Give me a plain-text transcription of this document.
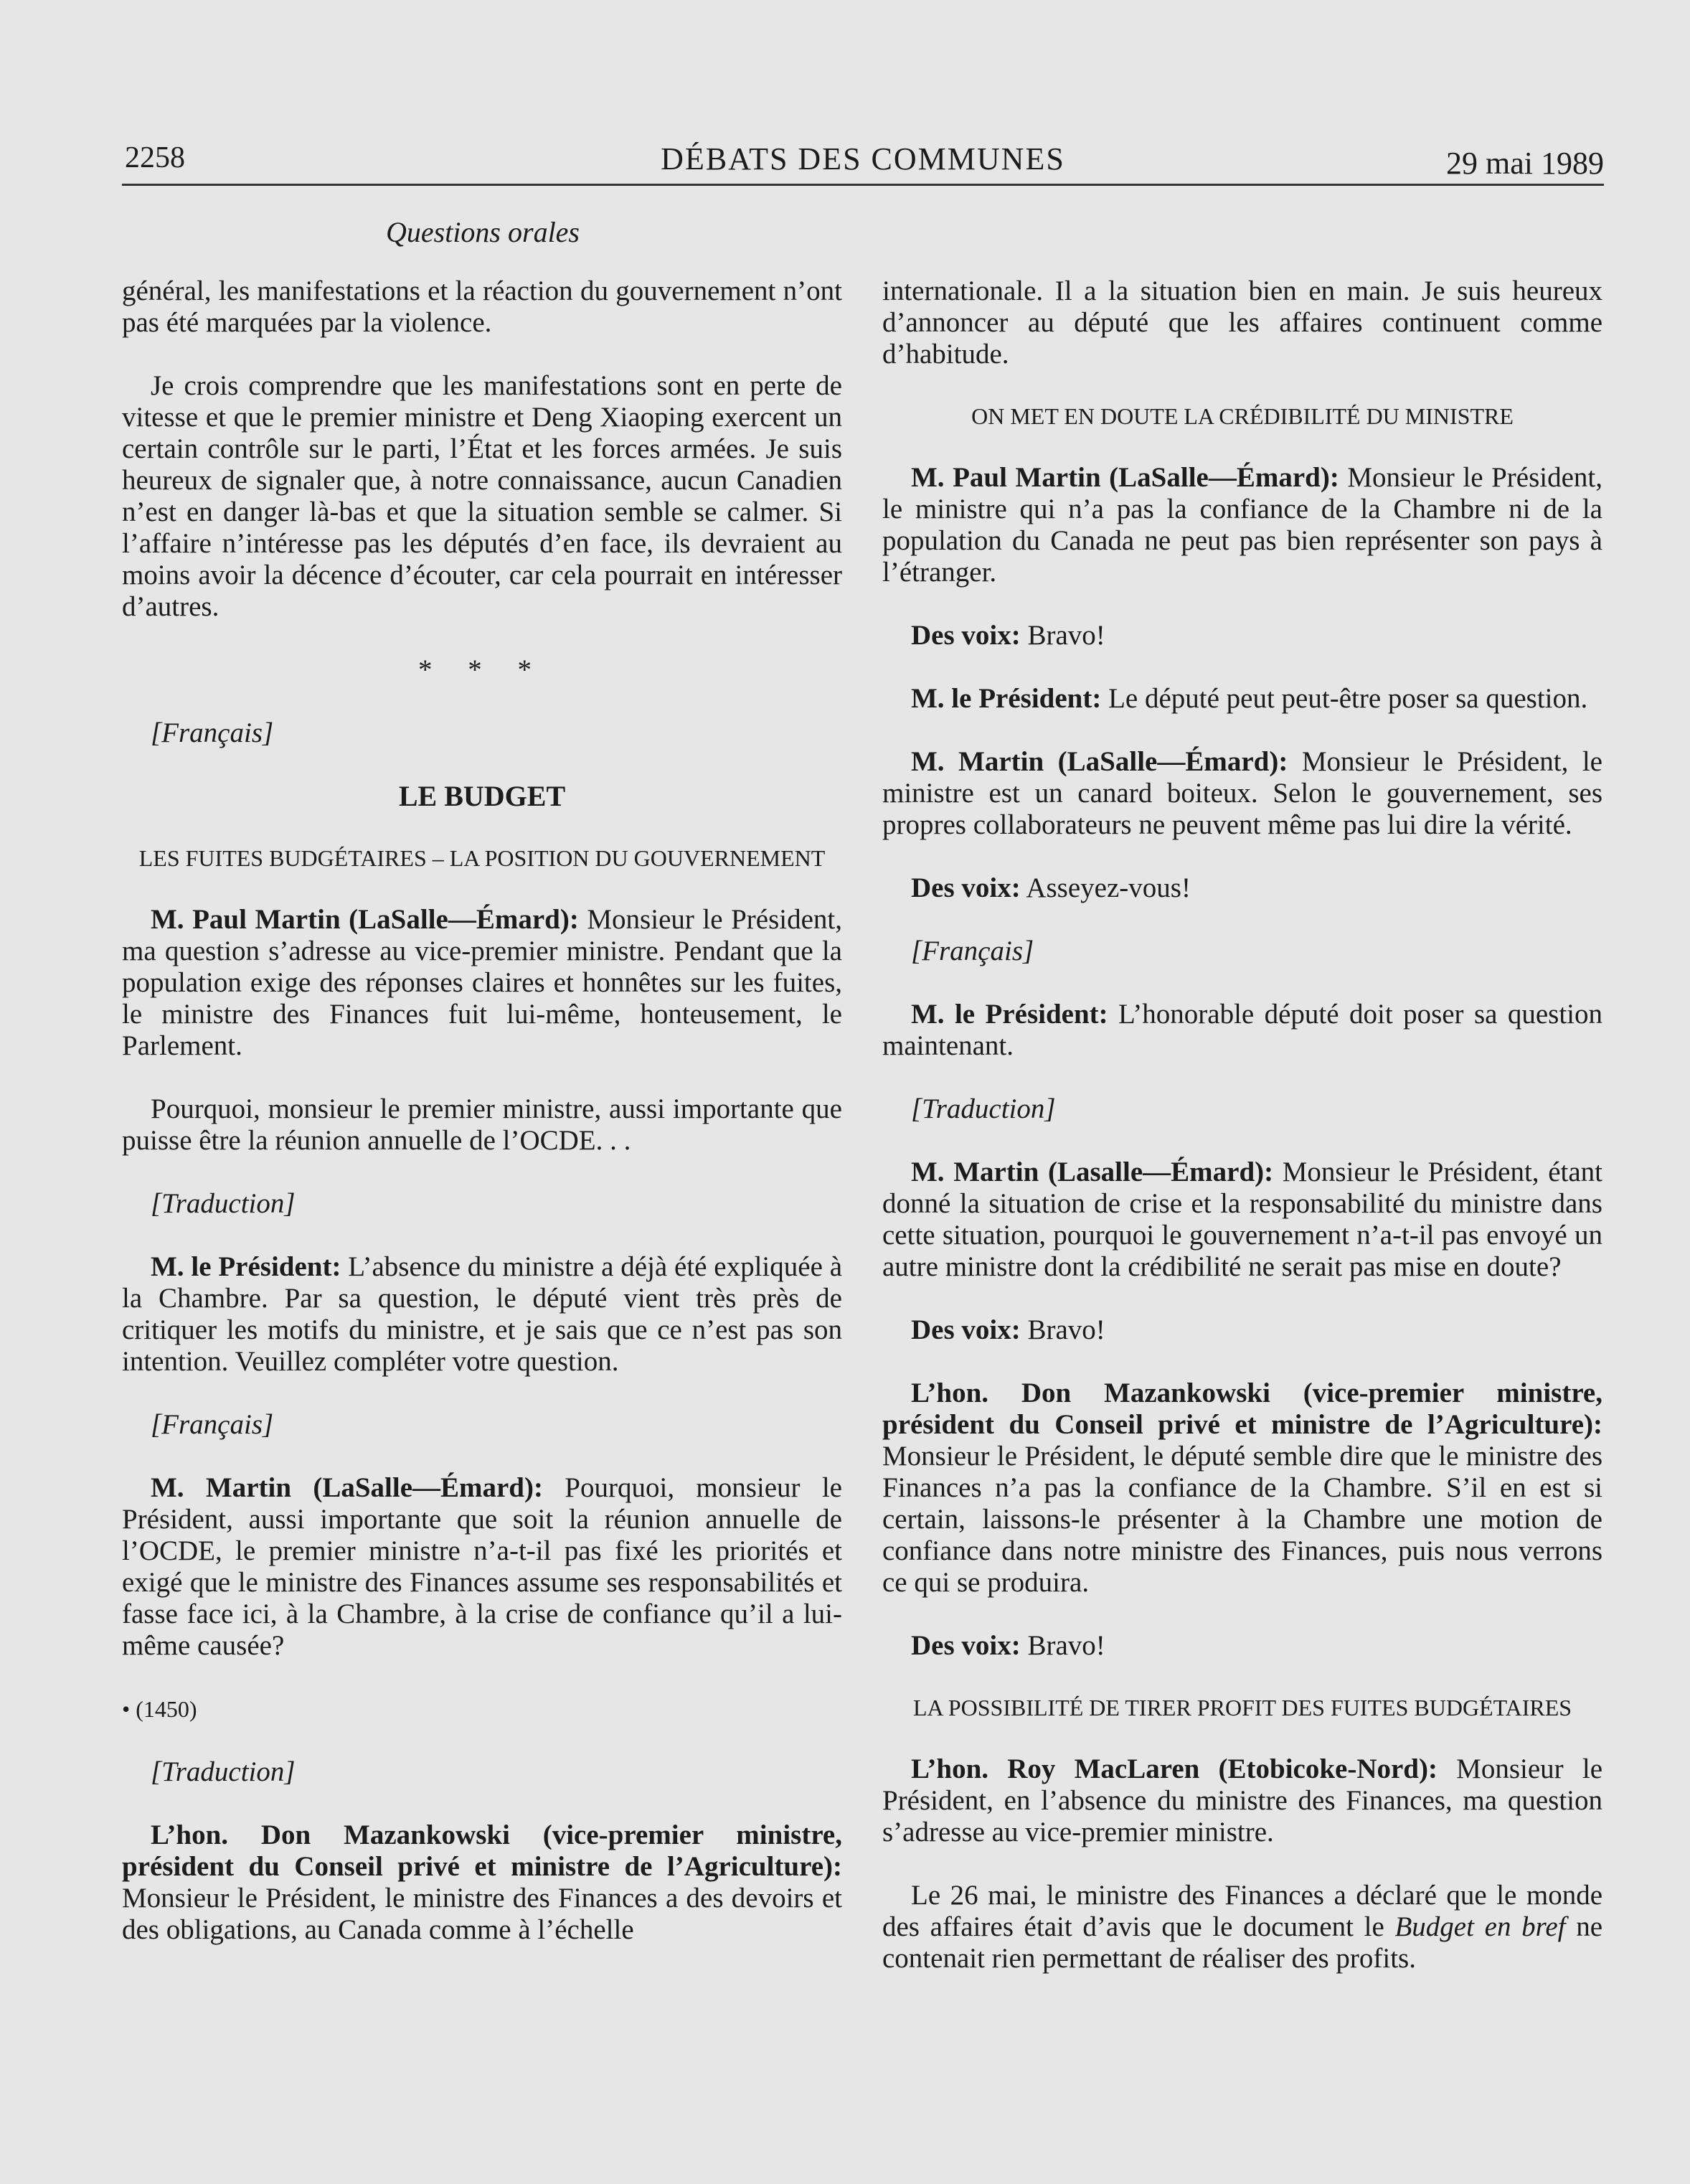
2258	DÉBATS DES COMMUNES	29 mai 1989
Questions orales

général, les manifestations et la réaction du gouvernement n’ont pas été marquées par la violence.

Je crois comprendre que les manifestations sont en perte de vitesse et que le premier ministre et Deng Xiaoping exercent un certain contrôle sur le parti, l’État et les forces armées. Je suis heureux de signaler que, à notre connaissance, aucun Canadien n’est en danger là-bas et que la situation semble se calmer. Si l’affaire n’intéresse pas les députés d’en face, ils devraient au moins avoir la décence d’écouter, car cela pourrait en intéresser d’autres.

* * *

[Français]

LE BUDGET

LES FUITES BUDGÉTAIRES – LA POSITION DU GOUVERNEMENT

M. Paul Martin (LaSalle—Émard): Monsieur le Président, ma question s’adresse au vice-premier ministre. Pendant que la population exige des réponses claires et honnêtes sur les fuites, le ministre des Finances fuit lui-même, honteusement, le Parlement.

Pourquoi, monsieur le premier ministre, aussi importante que puisse être la réunion annuelle de l’OCDE. . .

[Traduction]

M. le Président: L’absence du ministre a déjà été expliquée à la Chambre. Par sa question, le député vient très près de critiquer les motifs du ministre, et je sais que ce n’est pas son intention. Veuillez compléter votre question.

[Français]

M. Martin (LaSalle—Émard): Pourquoi, monsieur le Président, aussi importante que soit la réunion annuelle de l’OCDE, le premier ministre n’a-t-il pas fixé les priorités et exigé que le ministre des Finances assume ses responsabilités et fasse face ici, à la Chambre, à la crise de confiance qu’il a lui-même causée?

• (1450)

[Traduction]

L’hon. Don Mazankowski (vice-premier ministre, président du Conseil privé et ministre de l’Agriculture): Monsieur le Président, le ministre des Finances a des devoirs et des obligations, au Canada comme à l’échelle

internationale. Il a la situation bien en main. Je suis heureux d’annoncer au député que les affaires continuent comme d’habitude.

ON MET EN DOUTE LA CRÉDIBILITÉ DU MINISTRE

M. Paul Martin (LaSalle—Émard): Monsieur le Président, le ministre qui n’a pas la confiance de la Chambre ni de la population du Canada ne peut pas bien représenter son pays à l’étranger.

Des voix: Bravo!

M. le Président: Le député peut peut-être poser sa question.

M. Martin (LaSalle—Émard): Monsieur le Président, le ministre est un canard boiteux. Selon le gouvernement, ses propres collaborateurs ne peuvent même pas lui dire la vérité.

Des voix: Asseyez-vous!

[Français]

M. le Président: L’honorable député doit poser sa question maintenant.

[Traduction]

M. Martin (Lasalle—Émard): Monsieur le Président, étant donné la situation de crise et la responsabilité du ministre dans cette situation, pourquoi le gouvernement n’a-t-il pas envoyé un autre ministre dont la crédibilité ne serait pas mise en doute?

Des voix: Bravo!

L’hon. Don Mazankowski (vice-premier ministre, président du Conseil privé et ministre de l’Agriculture): Monsieur le Président, le député semble dire que le ministre des Finances n’a pas la confiance de la Chambre. S’il en est si certain, laissons-le présenter à la Chambre une motion de confiance dans notre ministre des Finances, puis nous verrons ce qui se produira.

Des voix: Bravo!

LA POSSIBILITÉ DE TIRER PROFIT DES FUITES BUDGÉTAIRES

L’hon. Roy MacLaren (Etobicoke-Nord): Monsieur le Président, en l’absence du ministre des Finances, ma question s’adresse au vice-premier ministre.

Le 26 mai, le ministre des Finances a déclaré que le monde des affaires était d’avis que le document le Budget en bref ne contenait rien permettant de réaliser des profits.
